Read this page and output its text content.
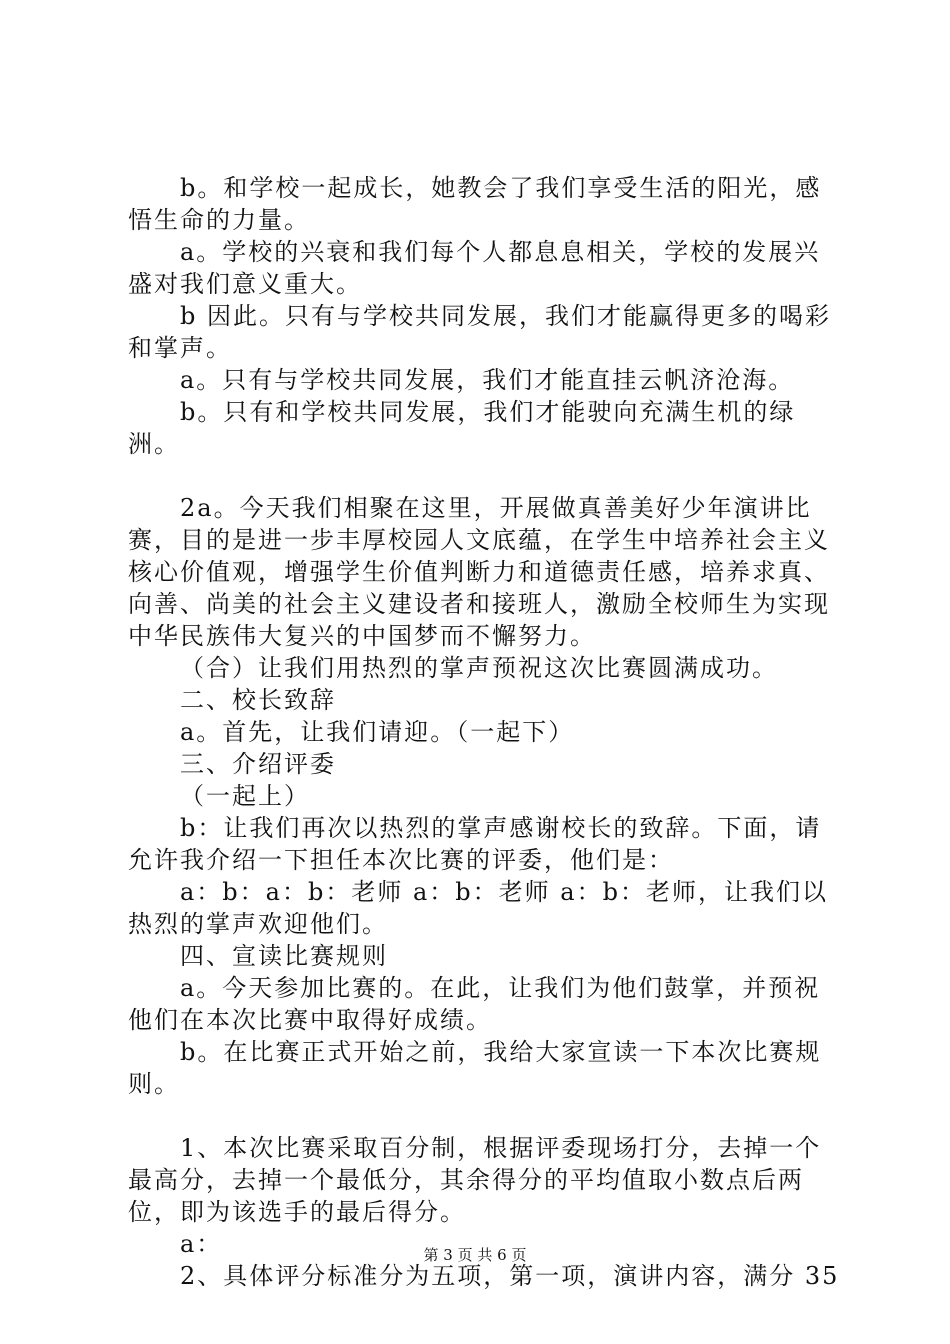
b。和学校一起成长，她教会了我们享受生活的阳光，感悟生命的力量。

a。学校的兴衰和我们每个人都息息相关，学校的发展兴盛对我们意义重大。

b 因此。只有与学校共同发展，我们才能赢得更多的喝彩和掌声。

a。只有与学校共同发展，我们才能直挂云帆济沧海。

b。只有和学校共同发展，我们才能驶向充满生机的绿洲。

2a。今天我们相聚在这里，开展做真善美好少年演讲比赛，目的是进一步丰厚校园人文底蕴，在学生中培养社会主义核心价值观，增强学生价值判断力和道德责任感，培养求真、向善、尚美的社会主义建设者和接班人，激励全校师生为实现中华民族伟大复兴的中国梦而不懈努力。

（合）让我们用热烈的掌声预祝这次比赛圆满成功。

二、校长致辞

a。首先，让我们请迎。（一起下）

三、介绍评委

（一起上）

b：让我们再次以热烈的掌声感谢校长的致辞。下面，请允许我介绍一下担任本次比赛的评委，他们是：

a：b：a：b：老师 a：b：老师 a：b：老师，让我们以热烈的掌声欢迎他们。

四、宣读比赛规则

a。今天参加比赛的。在此，让我们为他们鼓掌，并预祝他们在本次比赛中取得好成绩。

b。在比赛正式开始之前，我给大家宣读一下本次比赛规则。

1、本次比赛采取百分制，根据评委现场打分，去掉一个最高分，去掉一个最低分，其余得分的平均值取小数点后两位，即为该选手的最后得分。

a：

2、具体评分标准分为五项，第一项，演讲内容，满分 35

第 3 页 共 6 页
